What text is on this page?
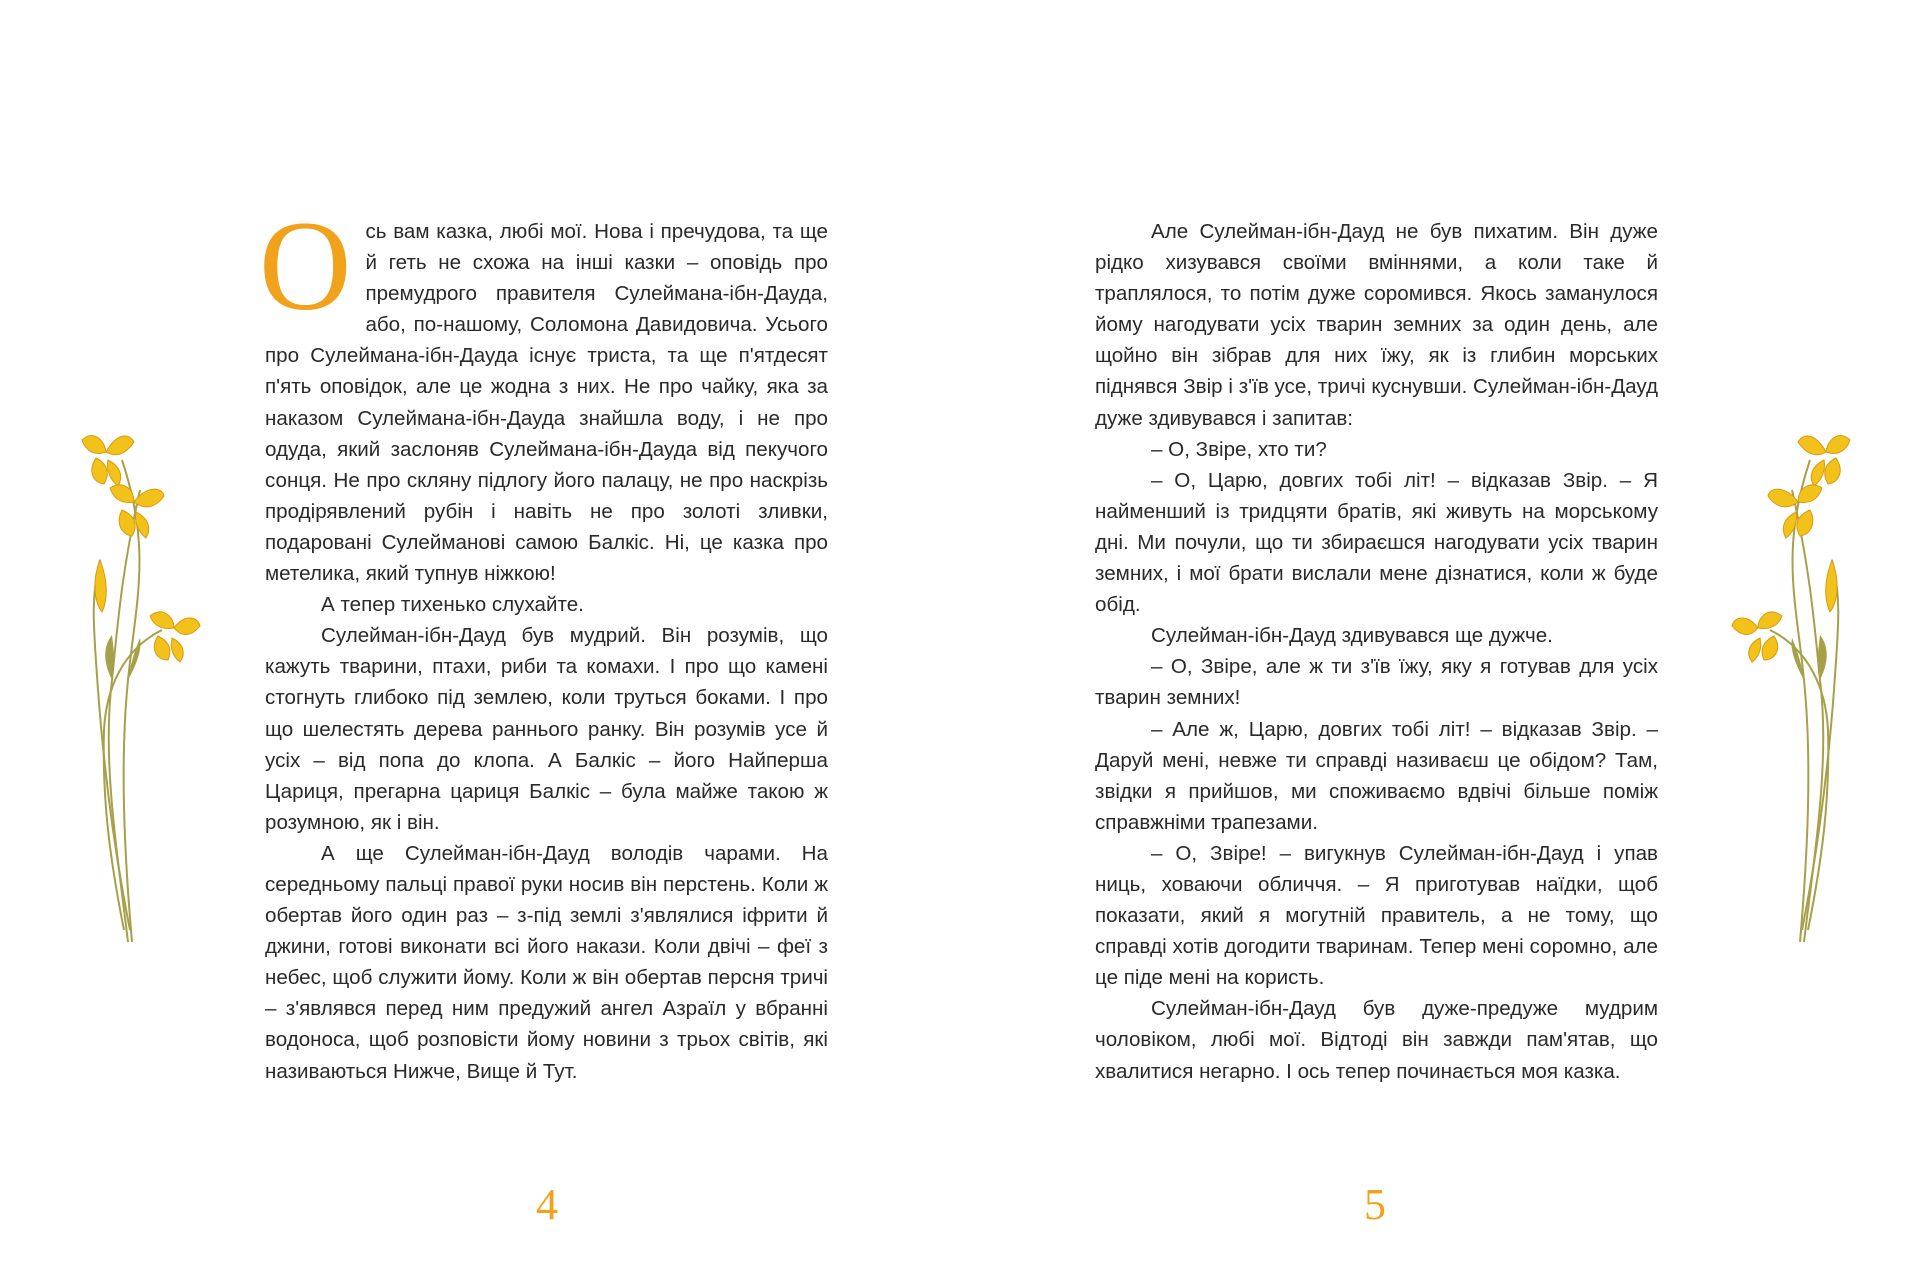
Ось вам казка, любі мої. Нова і пречудова, та ще й геть не схожа на інші казки – оповідь про премудрого правителя Сулеймана-ібн-Дауда, або, по-нашому, Соломона Давидовича. Усього про Сулеймана-ібн-Дауда існує триста, та ще п'ятдесят п'ять оповідок, але це жодна з них. Не про чайку, яка за наказом Сулеймана-ібн-Дауда знайшла воду, і не про одуда, який заслоняв Сулеймана-ібн-Дауда від пекучого сонця. Не про скляну підлогу його палацу, не про наскрізь продірявлений рубін і навіть не про золоті зливки, подаровані Сулейманові самою Балкіс. Ні, це казка про метелика, який тупнув ніжкою!

А тепер тихенько слухайте.

Сулейман-ібн-Дауд був мудрий. Він розумів, що кажуть тварини, птахи, риби та комахи. І про що камені стогнуть глибоко під землею, коли труться боками. І про що шелестять дерева раннього ранку. Він розумів усе й усіх – від попа до клопа. А Балкіс – його Найперша Цариця, прегарна цариця Балкіс – була майже такою ж розумною, як і він.

А ще Сулейман-ібн-Дауд володів чарами. На середньому пальці правої руки носив він перстень. Коли ж обертав його один раз – з-під землі з'являлися іфрити й джини, готові виконати всі його накази. Коли двічі – феї з небес, щоб служити йому. Коли ж він обертав персня тричі – з'являвся перед ним предужий ангел Азраїл у вбранні водоноса, щоб розповісти йому новини з трьох світів, які називаються Нижче, Вище й Тут.

4

Але Сулейман-ібн-Дауд не був пихатим. Він дуже рідко хизувався своїми вміннями, а коли таке й траплялося, то потім дуже соромився. Якось заманулося йому нагодувати усіх тварин земних за один день, але щойно він зібрав для них їжу, як із глибин морських піднявся Звір і з'їв усе, тричі куснувши. Сулейман-ібн-Дауд дуже здивувався і запитав:

– О, Звіре, хто ти?

– О, Царю, довгих тобі літ! – відказав Звір. – Я найменший із тридцяти братів, які живуть на морському дні. Ми почули, що ти збираєшся нагодувати усіх тварин земних, і мої брати вислали мене дізнатися, коли ж буде обід.

Сулейман-ібн-Дауд здивувався ще дужче.

– О, Звіре, але ж ти з'їв їжу, яку я готував для усіх тварин земних!

– Але ж, Царю, довгих тобі літ! – відказав Звір. – Даруй мені, невже ти справді називаєш це обідом? Там, звідки я прийшов, ми споживаємо вдвічі більше поміж справжніми трапезами.

– О, Звіре! – вигукнув Сулейман-ібн-Дауд і упав ниць, ховаючи обличчя. – Я приготував наїдки, щоб показати, який я могутній правитель, а не тому, що справді хотів догодити тваринам. Тепер мені соромно, але це піде мені на користь.

Сулейман-ібн-Дауд був дуже-предуже мудрим чоловіком, любі мої. Відтоді він завжди пам'ятав, що хвалитися негарно. І ось тепер починається моя казка.

5
